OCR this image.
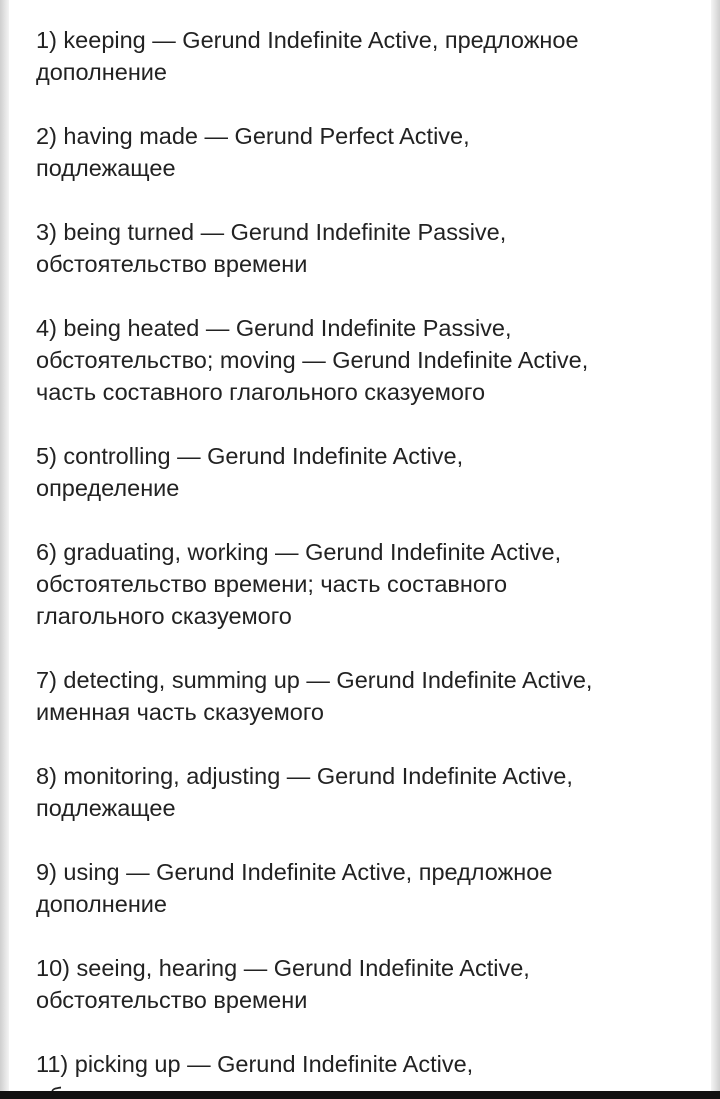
1) keeping — Gerund Indefinite Active, предложное
дополнение

2) having made — Gerund Perfect Active,
подлежащее

3) being turned — Gerund Indefinite Passive,
обстоятельство времени

4) being heated — Gerund Indefinite Passive,
обстоятельство; moving — Gerund Indefinite Active,
часть составного глагольного сказуемого

5) controlling — Gerund Indefinite Active,
определение

6) graduating, working — Gerund Indefinite Active,
обстоятельство времени; часть составного
глагольного сказуемого

7) detecting, summing up — Gerund Indefinite Active,
именная часть сказуемого

8) monitoring, adjusting — Gerund Indefinite Active,
подлежащее

9) using — Gerund Indefinite Active, предложное
дополнение

10) seeing, hearing — Gerund Indefinite Active,
обстоятельство времени

11) picking up — Gerund Indefinite Active,
